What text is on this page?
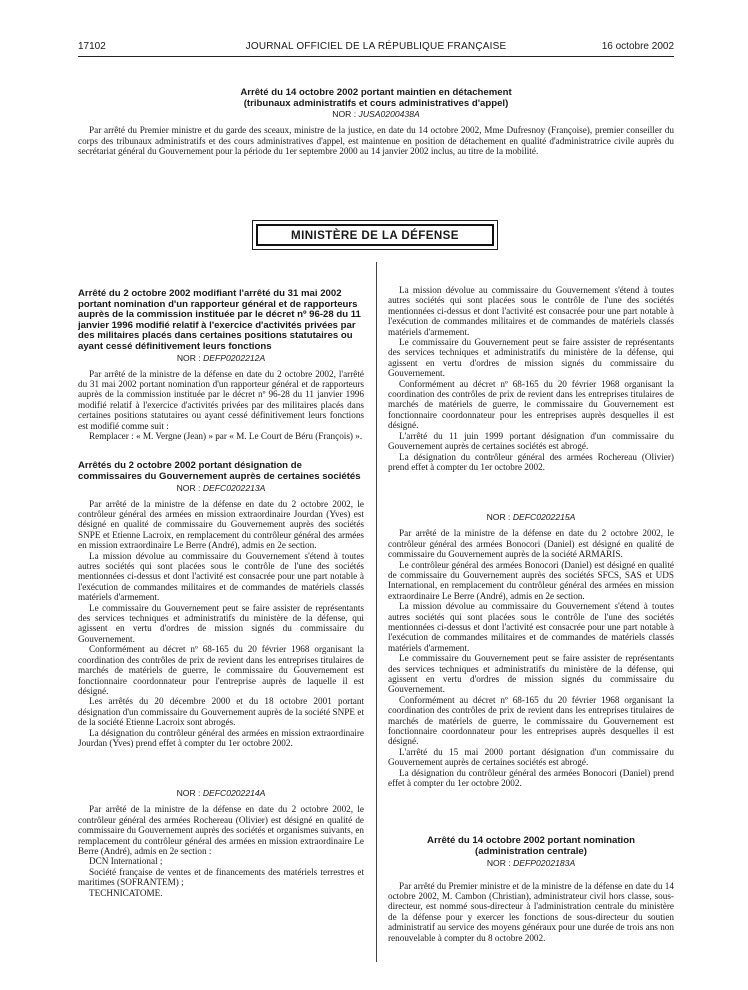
17102	JOURNAL OFFICIEL DE LA RÉPUBLIQUE FRANÇAISE	16 octobre 2002

Arrêté du 14 octobre 2002 portant maintien en détachement

(tribunaux administratifs et cours administratives d'appel)

NOR : JUSA0200438A

Par arrêté du Premier ministre et du garde des sceaux, ministre de la justice, en date du 14 octobre 2002, Mme Dufresnoy (Françoise), premier conseiller du corps des tribunaux administratifs et des cours administratives d'appel, est maintenue en position de détachement en qualité d'administratrice civile auprès du secrétariat général du Gouvernement pour la période du 1er septembre 2000 au 14 janvier 2002 inclus, au titre de la mobilité.

MINISTÈRE DE LA DÉFENSE

Arrêté du 2 octobre 2002 modifiant l'arrêté du 31 mai 2002 portant nomination d'un rapporteur général et de rapporteurs auprès de la commission instituée par le décret nº 96-28 du 11 janvier 1996 modifié relatif à l'exercice d'activités privées par des militaires placés dans certaines positions statutaires ou ayant cessé définitivement leurs fonctions

NOR : DEFP0202212A

Par arrêté de la ministre de la défense en date du 2 octobre 2002, l'arrêté du 31 mai 2002 portant nomination d'un rapporteur général et de rapporteurs auprès de la commission instituée par le décret nº 96-28 du 11 janvier 1996 modifié relatif à l'exercice d'activités privées par des militaires placés dans certaines positions statutaires ou ayant cessé définitivement leurs fonctions est modifié comme suit :

Remplacer : « M. Vergne (Jean) » par « M. Le Court de Béru (François) ».

Arrêtés du 2 octobre 2002 portant désignation de commissaires du Gouvernement auprès de certaines sociétés

NOR : DEFC0202213A

Par arrêté de la ministre de la défense en date du 2 octobre 2002, le contrôleur général des armées en mission extraordinaire Jourdan (Yves) est désigné en qualité de commissaire du Gouvernement auprès des sociétés SNPE et Etienne Lacroix, en remplacement du contrôleur général des armées en mission extraordinaire Le Berre (André), admis en 2e section.

La mission dévolue au commissaire du Gouvernement s'étend à toutes autres sociétés qui sont placées sous le contrôle de l'une des sociétés mentionnées ci-dessus et dont l'activité est consacrée pour une part notable à l'exécution de commandes militaires et de commandes de matériels classés matériels d'armement.

Le commissaire du Gouvernement peut se faire assister de représentants des services techniques et administratifs du ministère de la défense, qui agissent en vertu d'ordres de mission signés du commissaire du Gouvernement.

Conformément au décret nº 68-165 du 20 février 1968 organisant la coordination des contrôles de prix de revient dans les entreprises titulaires de marchés de matériels de guerre, le commissaire du Gouvernement est fonctionnaire coordonnateur pour l'entreprise auprès de laquelle il est désigné.

Les arrêtés du 20 décembre 2000 et du 18 octobre 2001 portant désignation d'un commissaire du Gouvernement auprès de la société SNPE et de la société Etienne Lacroix sont abrogés.

La désignation du contrôleur général des armées en mission extraordinaire Jourdan (Yves) prend effet à compter du 1er octobre 2002.

NOR : DEFC0202214A

Par arrêté de la ministre de la défense en date du 2 octobre 2002, le contrôleur général des armées Rochereau (Olivier) est désigné en qualité de commissaire du Gouvernement auprès des sociétés et organismes suivants, en remplacement du contrôleur général des armées en mission extraordinaire Le Berre (André), admis en 2e section :

DCN International ;

Société française de ventes et de financements des matériels terrestres et maritimes (SOFRANTEM) ;

TECHNICATOME.

La mission dévolue au commissaire du Gouvernement s'étend à toutes autres sociétés qui sont placées sous le contrôle de l'une des sociétés mentionnées ci-dessus et dont l'activité est consacrée pour une part notable à l'exécution de commandes militaires et de commandes de matériels classés matériels d'armement.

Le commissaire du Gouvernement peut se faire assister de représentants des services techniques et administratifs du ministère de la défense, qui agissent en vertu d'ordres de mission signés du commissaire du Gouvernement.

Conformément au décret nº 68-165 du 20 février 1968 organisant la coordination des contrôles de prix de revient dans les entreprises titulaires de marchés de matériels de guerre, le commissaire du Gouvernement est fonctionnaire coordonnateur pour les entreprises auprès desquelles il est désigné.

L'arrêté du 11 juin 1999 portant désignation d'un commissaire du Gouvernement auprès de certaines sociétés est abrogé.

La désignation du contrôleur général des armées Rochereau (Olivier) prend effet à compter du 1er octobre 2002.

NOR : DEFC0202215A

Par arrêté de la ministre de la défense en date du 2 octobre 2002, le contrôleur général des armées Bonocori (Daniel) est désigné en qualité de commissaire du Gouvernement auprès de la société ARMARIS.

Le contrôleur général des armées Bonocori (Daniel) est désigné en qualité de commissaire du Gouvernement auprès des sociétés SFCS, SAS et UDS International, en remplacement du contrôleur général des armées en mission extraordinaire Le Berre (André), admis en 2e section.

La mission dévolue au commissaire du Gouvernement s'étend à toutes autres sociétés qui sont placées sous le contrôle de l'une des sociétés mentionnées ci-dessus et dont l'activité est consacrée pour une part notable à l'exécution de commandes militaires et de commandes de matériels classés matériels d'armement.

Le commissaire du Gouvernement peut se faire assister de représentants des services techniques et administratifs du ministère de la défense, qui agissent en vertu d'ordres de mission signés du commissaire du Gouvernement.

Conformément au décret nº 68-165 du 20 février 1968 organisant la coordination des contrôles de prix de revient dans les entreprises titulaires de marchés de matériels de guerre, le commissaire du Gouvernement est fonctionnaire coordonnateur pour les entreprises auprès desquelles il est désigné.

L'arrêté du 15 mai 2000 portant désignation d'un commissaire du Gouvernement auprès de certaines sociétés est abrogé.

La désignation du contrôleur général des armées Bonocori (Daniel) prend effet à compter du 1er octobre 2002.

Arrêté du 14 octobre 2002 portant nomination

(administration centrale)

NOR : DEFP0202183A

Par arrêté du Premier ministre et de la ministre de la défense en date du 14 octobre 2002, M. Cambon (Christian), administrateur civil hors classe, sous-directeur, est nommé sous-directeur à l'administration centrale du ministère de la défense pour y exercer les fonctions de sous-directeur du soutien administratif au service des moyens généraux pour une durée de trois ans non renouvelable à compter du 8 octobre 2002.
